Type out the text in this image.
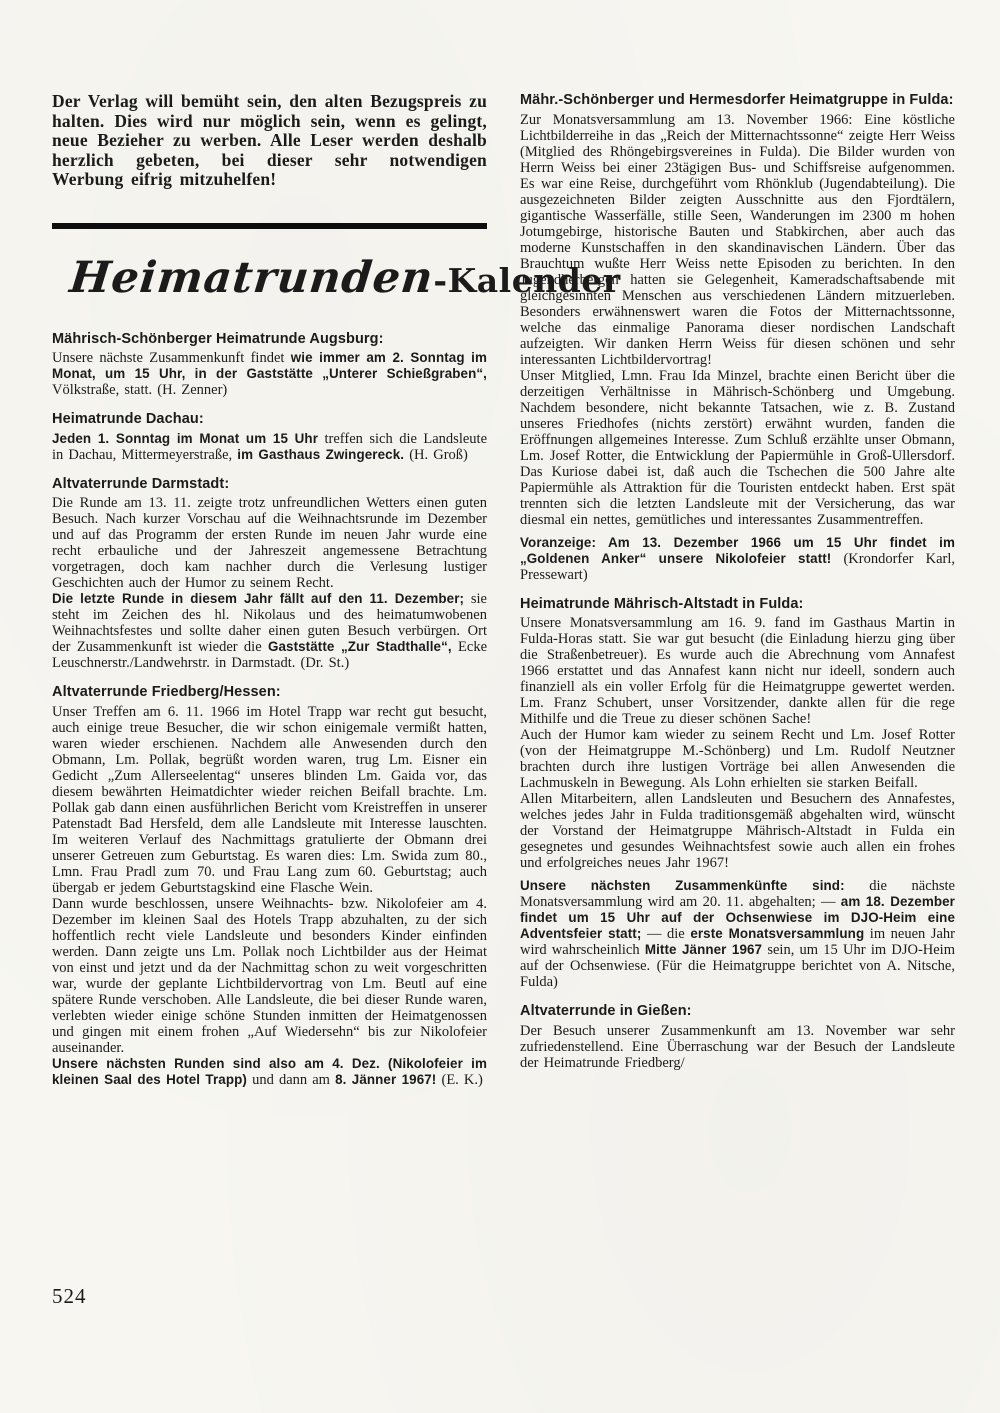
Der Verlag will bemüht sein, den alten Bezugspreis zu halten. Dies wird nur möglich sein, wenn es gelingt, neue Bezieher zu werben. Alle Leser werden deshalb herzlich gebeten, bei dieser sehr notwendigen Werbung eifrig mitzuhelfen!

Heimatrunden-Kalender
Mährisch-Schönberger Heimatrunde Augsburg:

Unsere nächste Zusammenkunft findet wie immer am 2. Sonntag im Monat, um 15 Uhr, in der Gaststätte „Unterer Schießgraben“, Völkstraße, statt. (H. Zenner)

Heimatrunde Dachau:

Jeden 1. Sonntag im Monat um 15 Uhr treffen sich die Landsleute in Dachau, Mittermeyerstraße, im Gasthaus Zwingereck. (H. Groß)

Altvaterrunde Darmstadt:

Die Runde am 13. 11. zeigte trotz unfreundlichen Wetters einen guten Besuch. Nach kurzer Vorschau auf die Weihnachtsrunde im Dezember und auf das Programm der ersten Runde im neuen Jahr wurde eine recht erbauliche und der Jahreszeit angemessene Betrachtung vorgetragen, doch kam nachher durch die Verlesung lustiger Geschichten auch der Humor zu seinem Recht.

Die letzte Runde in diesem Jahr fällt auf den 11. Dezember; sie steht im Zeichen des hl. Nikolaus und des heimatumwobenen Weihnachtsfestes und sollte daher einen guten Besuch verbürgen. Ort der Zusammenkunft ist wieder die Gaststätte „Zur Stadthalle“, Ecke Leuschnerstr./Landwehrstr. in Darmstadt. (Dr. St.)

Altvaterrunde Friedberg/Hessen:

Unser Treffen am 6. 11. 1966 im Hotel Trapp war recht gut besucht, auch einige treue Besucher, die wir schon einigemale vermißt hatten, waren wieder erschienen. Nachdem alle Anwesenden durch den Obmann, Lm. Pollak, begrüßt worden waren, trug Lm. Eisner ein Gedicht „Zum Allerseelentag“ unseres blinden Lm. Gaida vor, das diesem bewährten Heimatdichter wieder reichen Beifall brachte. Lm. Pollak gab dann einen ausführlichen Bericht vom Kreistreffen in unserer Patenstadt Bad Hersfeld, dem alle Landsleute mit Interesse lauschten. Im weiteren Verlauf des Nachmittags gratulierte der Obmann drei unserer Getreuen zum Geburtstag. Es waren dies: Lm. Swida zum 80., Lmn. Frau Pradl zum 70. und Frau Lang zum 60. Geburtstag; auch übergab er jedem Geburtstagskind eine Flasche Wein.

Dann wurde beschlossen, unsere Weihnachts- bzw. Nikolofeier am 4. Dezember im kleinen Saal des Hotels Trapp abzuhalten, zu der sich hoffentlich recht viele Landsleute und besonders Kinder einfinden werden. Dann zeigte uns Lm. Pollak noch Lichtbilder aus der Heimat von einst und jetzt und da der Nachmittag schon zu weit vorgeschritten war, wurde der geplante Lichtbildervortrag von Lm. Beutl auf eine spätere Runde verschoben. Alle Landsleute, die bei dieser Runde waren, verlebten wieder einige schöne Stunden inmitten der Heimatgenossen und gingen mit einem frohen „Auf Wiedersehn“ bis zur Nikolofeier auseinander.

Unsere nächsten Runden sind also am 4. Dez. (Nikolofeier im kleinen Saal des Hotel Trapp) und dann am 8. Jänner 1967! (E. K.)

Mähr.-Schönberger und Hermesdorfer Heimatgruppe in Fulda:

Zur Monatsversammlung am 13. November 1966: Eine köstliche Lichtbilderreihe in das „Reich der Mitternachtssonne“ zeigte Herr Weiss (Mitglied des Rhöngebirgsvereines in Fulda). Die Bilder wurden von Herrn Weiss bei einer 23tägigen Bus- und Schiffsreise aufgenommen. Es war eine Reise, durchgeführt vom Rhönklub (Jugendabteilung). Die ausgezeichneten Bilder zeigten Ausschnitte aus den Fjordtälern, gigantische Wasserfälle, stille Seen, Wanderungen im 2300 m hohen Jotumgebirge, historische Bauten und Stabkirchen, aber auch das moderne Kunstschaffen in den skandinavischen Ländern. Über das Brauchtum wußte Herr Weiss nette Episoden zu berichten. In den Jugendherbergen hatten sie Gelegenheit, Kameradschaftsabende mit gleichgesinnten Menschen aus verschiedenen Ländern mitzuerleben. Besonders erwähnenswert waren die Fotos der Mitternachtssonne, welche das einmalige Panorama dieser nordischen Landschaft aufzeigten. Wir danken Herrn Weiss für diesen schönen und sehr interessanten Lichtbildervortrag!

Unser Mitglied, Lmn. Frau Ida Minzel, brachte einen Bericht über die derzeitigen Verhältnisse in Mährisch-Schönberg und Umgebung. Nachdem besondere, nicht bekannte Tatsachen, wie z. B. Zustand unseres Friedhofes (nichts zerstört) erwähnt wurden, fanden die Eröffnungen allgemeines Interesse. Zum Schluß erzählte unser Obmann, Lm. Josef Rotter, die Entwicklung der Papiermühle in Groß-Ullersdorf. Das Kuriose dabei ist, daß auch die Tschechen die 500 Jahre alte Papiermühle als Attraktion für die Touristen entdeckt haben. Erst spät trennten sich die letzten Landsleute mit der Versicherung, das war diesmal ein nettes, gemütliches und interessantes Zusammentreffen.

Voranzeige: Am 13. Dezember 1966 um 15 Uhr findet im „Goldenen Anker“ unsere Nikolofeier statt! (Krondorfer Karl, Pressewart)

Heimatrunde Mährisch-Altstadt in Fulda:

Unsere Monatsversammlung am 16. 9. fand im Gasthaus Martin in Fulda-Horas statt. Sie war gut besucht (die Einladung hierzu ging über die Straßenbetreuer). Es wurde auch die Abrechnung vom Annafest 1966 erstattet und das Annafest kann nicht nur ideell, sondern auch finanziell als ein voller Erfolg für die Heimatgruppe gewertet werden. Lm. Franz Schubert, unser Vorsitzender, dankte allen für die rege Mithilfe und die Treue zu dieser schönen Sache!

Auch der Humor kam wieder zu seinem Recht und Lm. Josef Rotter (von der Heimatgruppe M.-Schönberg) und Lm. Rudolf Neutzner brachten durch ihre lustigen Vorträge bei allen Anwesenden die Lachmuskeln in Bewegung. Als Lohn erhielten sie starken Beifall.

Allen Mitarbeitern, allen Landsleuten und Besuchern des Annafestes, welches jedes Jahr in Fulda traditionsgemäß abgehalten wird, wünscht der Vorstand der Heimatgruppe Mährisch-Altstadt in Fulda ein gesegnetes und gesundes Weihnachtsfest sowie auch allen ein frohes und erfolgreiches neues Jahr 1967!

Unsere nächsten Zusammenkünfte sind: die nächste Monatsversammlung wird am 20. 11. abgehalten; — am 18. Dezember findet um 15 Uhr auf der Ochsenwiese im DJO-Heim eine Adventsfeier statt; — die erste Monatsversammlung im neuen Jahr wird wahrscheinlich Mitte Jänner 1967 sein, um 15 Uhr im DJO-Heim auf der Ochsenwiese. (Für die Heimatgruppe berichtet von A. Nitsche, Fulda)

Altvaterrunde in Gießen:

Der Besuch unserer Zusammenkunft am 13. November war sehr zufriedenstellend. Eine Überraschung war der Besuch der Landsleute der Heimatrunde Friedberg/

524
